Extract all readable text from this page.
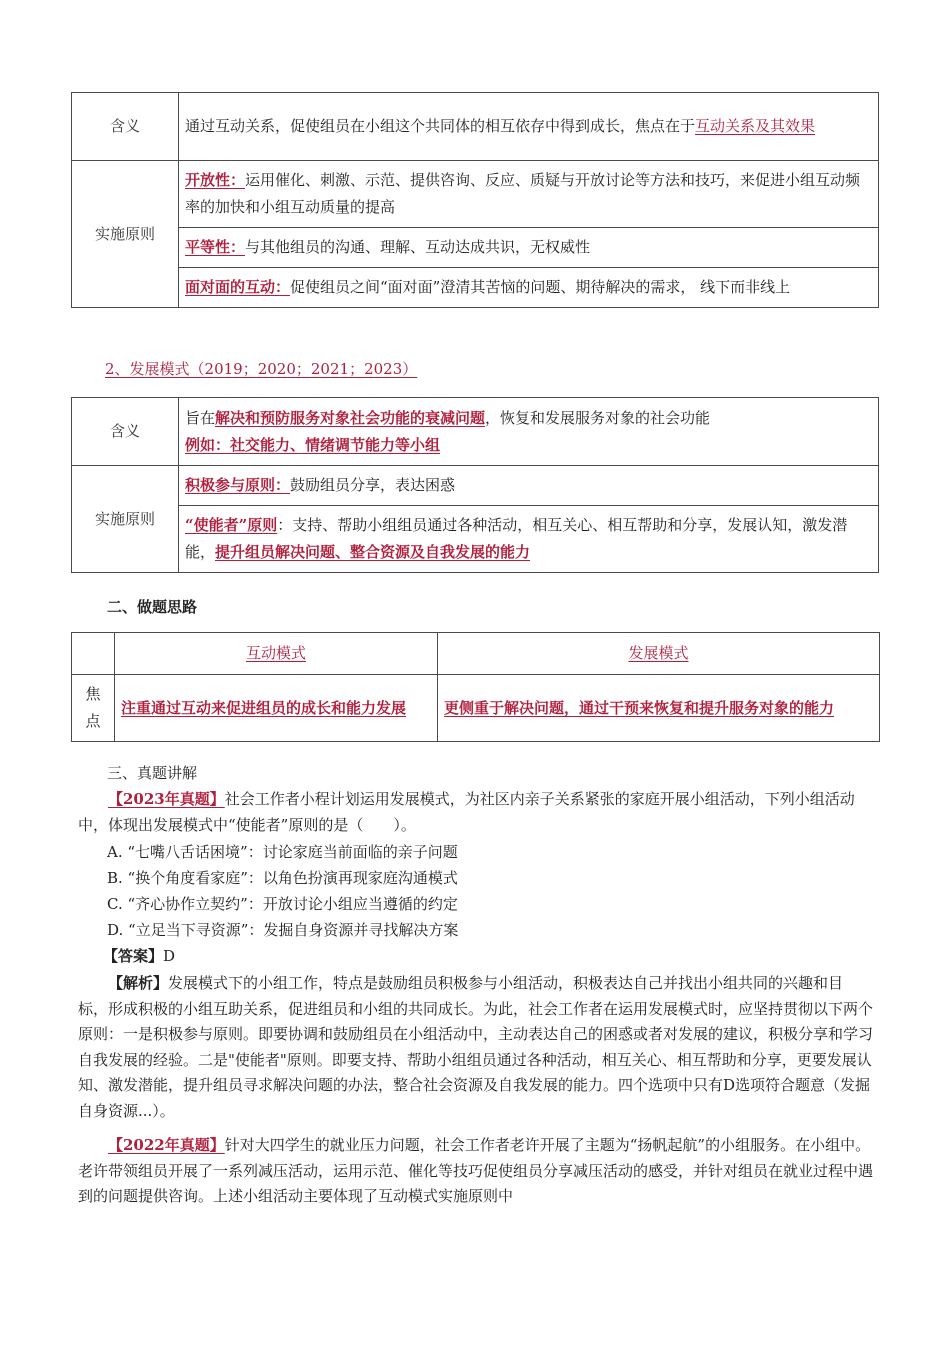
含义	通过互动关系，促使组员在小组这个共同体的相互依存中得到成长，焦点在于互动关系及其效果
实施原则	开放性：运用催化、刺激、示范、提供咨询、反应、质疑与开放讨论等方法和技巧，来促进小组互动频率的加快和小组互动质量的提高
	平等性：与其他组员的沟通、理解、互动达成共识，无权威性
	面对面的互动：促使组员之间“面对面”澄清其苦恼的问题、期待解决的需求， 线下而非线上
2、发展模式（2019；2020；2021；2023）
含义	旨在解决和预防服务对象社会功能的衰减问题，恢复和发展服务对象的社会功能
例如：社交能力、情绪调节能力等小组
实施原则	积极参与原则：鼓励组员分享，表达困惑
	“使能者”原则：支持、帮助小组组员通过各种活动，相互关心、相互帮助和分享，发展认知，激发潜能，提升组员解决问题、整合资源及自我发展的能力
二、做题思路
	互动模式	发展模式
焦点	注重通过互动来促进组员的成长和能力发展	更侧重于解决问题，通过干预来恢复和提升服务对象的能力
三、真题讲解
【2023年真题】社会工作者小程计划运用发展模式，为社区内亲子关系紧张的家庭开展小组活动，下列小组活动中，体现出发展模式中“使能者”原则的是（　　）。
A. “七嘴八舌话困境”：讨论家庭当前面临的亲子问题
B. “换个角度看家庭”：以角色扮演再现家庭沟通模式
C. “齐心协作立契约”：开放讨论小组应当遵循的约定
D. “立足当下寻资源”：发掘自身资源并寻找解决方案
【答案】D
【解析】发展模式下的小组工作，特点是鼓励组员积极参与小组活动，积极表达自己并找出小组共同的兴趣和目标，形成积极的小组互助关系，促进组员和小组的共同成长。为此，社会工作者在运用发展模式时，应坚持贯彻以下两个原则：一是积极参与原则。即要协调和鼓励组员在小组活动中，主动表达自己的困惑或者对发展的建议，积极分享和学习自我发展的经验。二是"使能者"原则。即要支持、帮助小组组员通过各种活动，相互关心、相互帮助和分享，更要发展认知、激发潜能，提升组员寻求解决问题的办法，整合社会资源及自我发展的能力。四个选项中只有D选项符合题意（发掘自身资源...）。
【2022年真题】针对大四学生的就业压力问题，社会工作者老许开展了主题为“扬帆起航”的小组服务。在小组中。老许带领组员开展了一系列减压活动，运用示范、催化等技巧促使组员分享减压活动的感受，并针对组员在就业过程中遇到的问题提供咨询。上述小组活动主要体现了互动模式实施原则中
